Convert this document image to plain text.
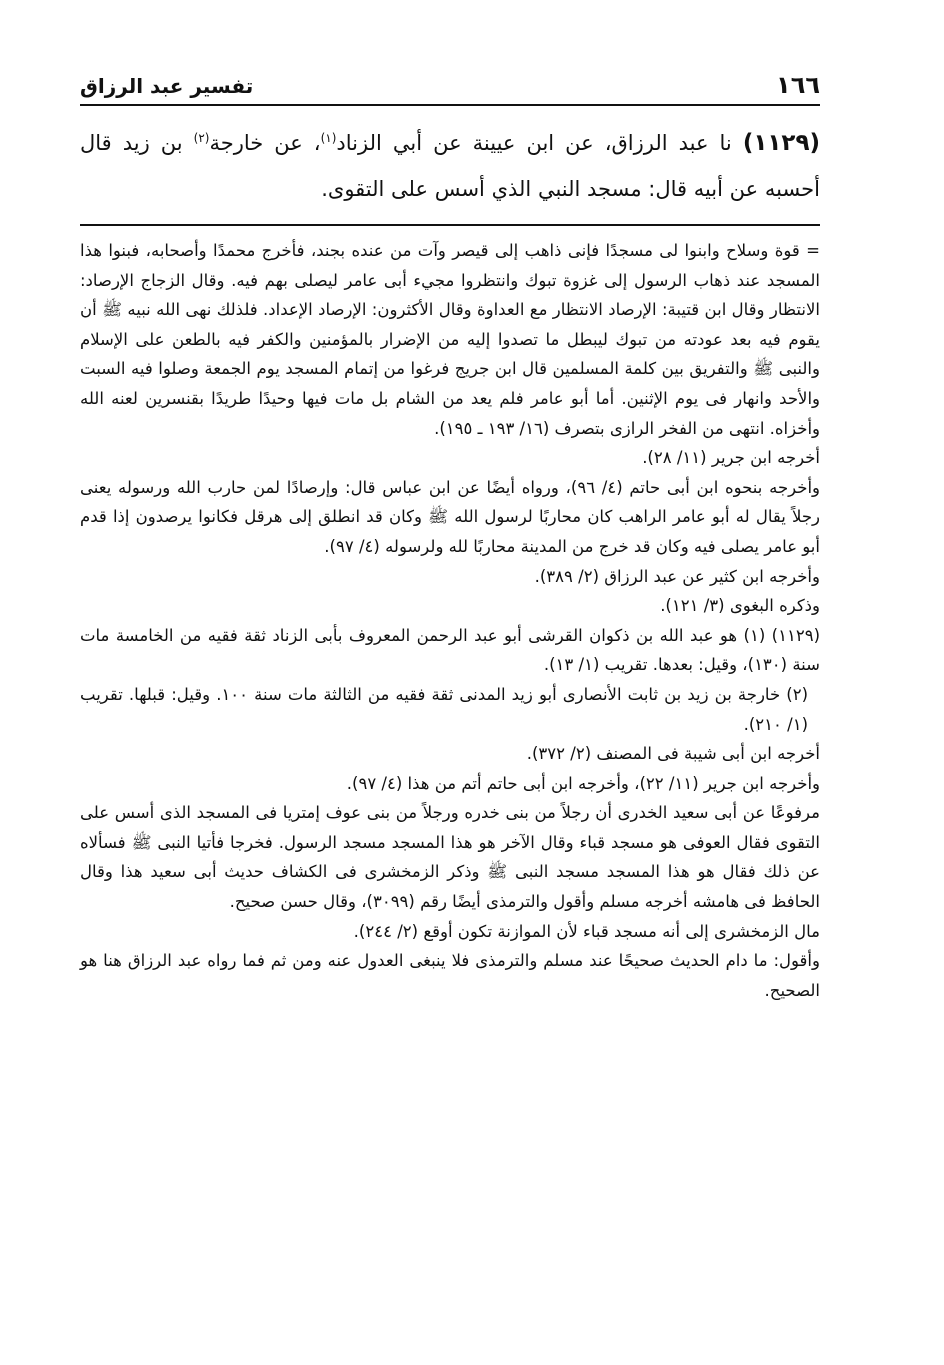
١٦٦
تفسير عبد الرزاق
(١١٢٩) نا عبد الرزاق، عن ابن عيينة عن أبي الزناد$^{(١)}$، عن خارجة$^{(٢)}$ بن زيد قال أحسبه عن أبيه قال: مسجد النبي الذي أسس على التقوى.

= قوة وسلاح وابنوا لى مسجدًا فإنى ذاهب إلى قيصر وآت من عنده بجند، فأخرج محمدًا وأصحابه، فبنوا هذا المسجد عند ذهاب الرسول إلى غزوة تبوك وانتظروا مجيء أبى عامر ليصلى بهم فيه. وقال الزجاج الإرصاد: الانتظار وقال ابن قتيبة: الإرصاد الانتظار مع العداوة وقال الأكثرون: الإرصاد الإعداد. فلذلك نهى الله نبيه ﷺ أن يقوم فيه بعد عودته من تبوك ليبطل ما تصدوا إليه من الإضرار بالمؤمنين والكفر فيه بالطعن على الإسلام والنبى ﷺ والتفريق بين كلمة المسلمين قال ابن جريج فرغوا من إتمام المسجد يوم الجمعة وصلوا فيه السبت والأحد وانهار فى يوم الإثنين. أما أبو عامر فلم يعد من الشام بل مات فيها وحيدًا طريدًا بقنسرين لعنه الله وأخزاه. انتهى من الفخر الرازى بتصرف (١٦/ ١٩٣ ـ ١٩٥).

أخرجه ابن جرير (١١/ ٢٨).

وأخرجه بنحوه ابن أبى حاتم (٤/ ٩٦)، ورواه أيضًا عن ابن عباس قال: وإرصادًا لمن حارب الله ورسوله يعنى رجلاً يقال له أبو عامر الراهب كان محاربًا لرسول الله ﷺ وكان قد انطلق إلى هرقل فكانوا يرصدون إذا قدم أبو عامر يصلى فيه وكان قد خرج من المدينة محاربًا لله ولرسوله (٤/ ٩٧).

وأخرجه ابن كثير عن عبد الرزاق (٢/ ٣٨٩).

وذكره البغوى (٣/ ١٢١).

(١١٢٩) (١) هو عبد الله بن ذكوان القرشى أبو عبد الرحمن المعروف بأبى الزناد ثقة فقيه من الخامسة مات سنة (١٣٠)، وقيل: بعدها. تقريب (١/ ١٣).

(٢) خارجة بن زيد بن ثابت الأنصارى أبو زيد المدنى ثقة فقيه من الثالثة مات سنة ١٠٠. وقيل: قبلها. تقريب (١/ ٢١٠).

أخرجه ابن أبى شيبة فى المصنف (٢/ ٣٧٢).

وأخرجه ابن جرير (١١/ ٢٢)، وأخرجه ابن أبى حاتم أتم من هذا (٤/ ٩٧).

مرفوعًا عن أبى سعيد الخدرى أن رجلاً من بنى خدره ورجلاً من بنى عوف إمتريا فى المسجد الذى أسس على التقوى فقال العوفى هو مسجد قباء وقال الآخر هو هذا المسجد مسجد الرسول. فخرجا فأتيا النبى ﷺ فسألاه عن ذلك فقال هو هذا المسجد مسجد النبى ﷺ وذكر الزمخشرى فى الكشاف حديث أبى سعيد هذا وقال الحافظ فى هامشه أخرجه مسلم وأقول والترمذى أيضًا رقم (٣٠٩٩)، وقال حسن صحيح.

مال الزمخشرى إلى أنه مسجد قباء لأن الموازنة تكون أوقع (٢/ ٢٤٤).

وأقول: ما دام الحديث صحيحًا عند مسلم والترمذى فلا ينبغى العدول عنه ومن ثم فما رواه عبد الرزاق هنا هو الصحيح.
